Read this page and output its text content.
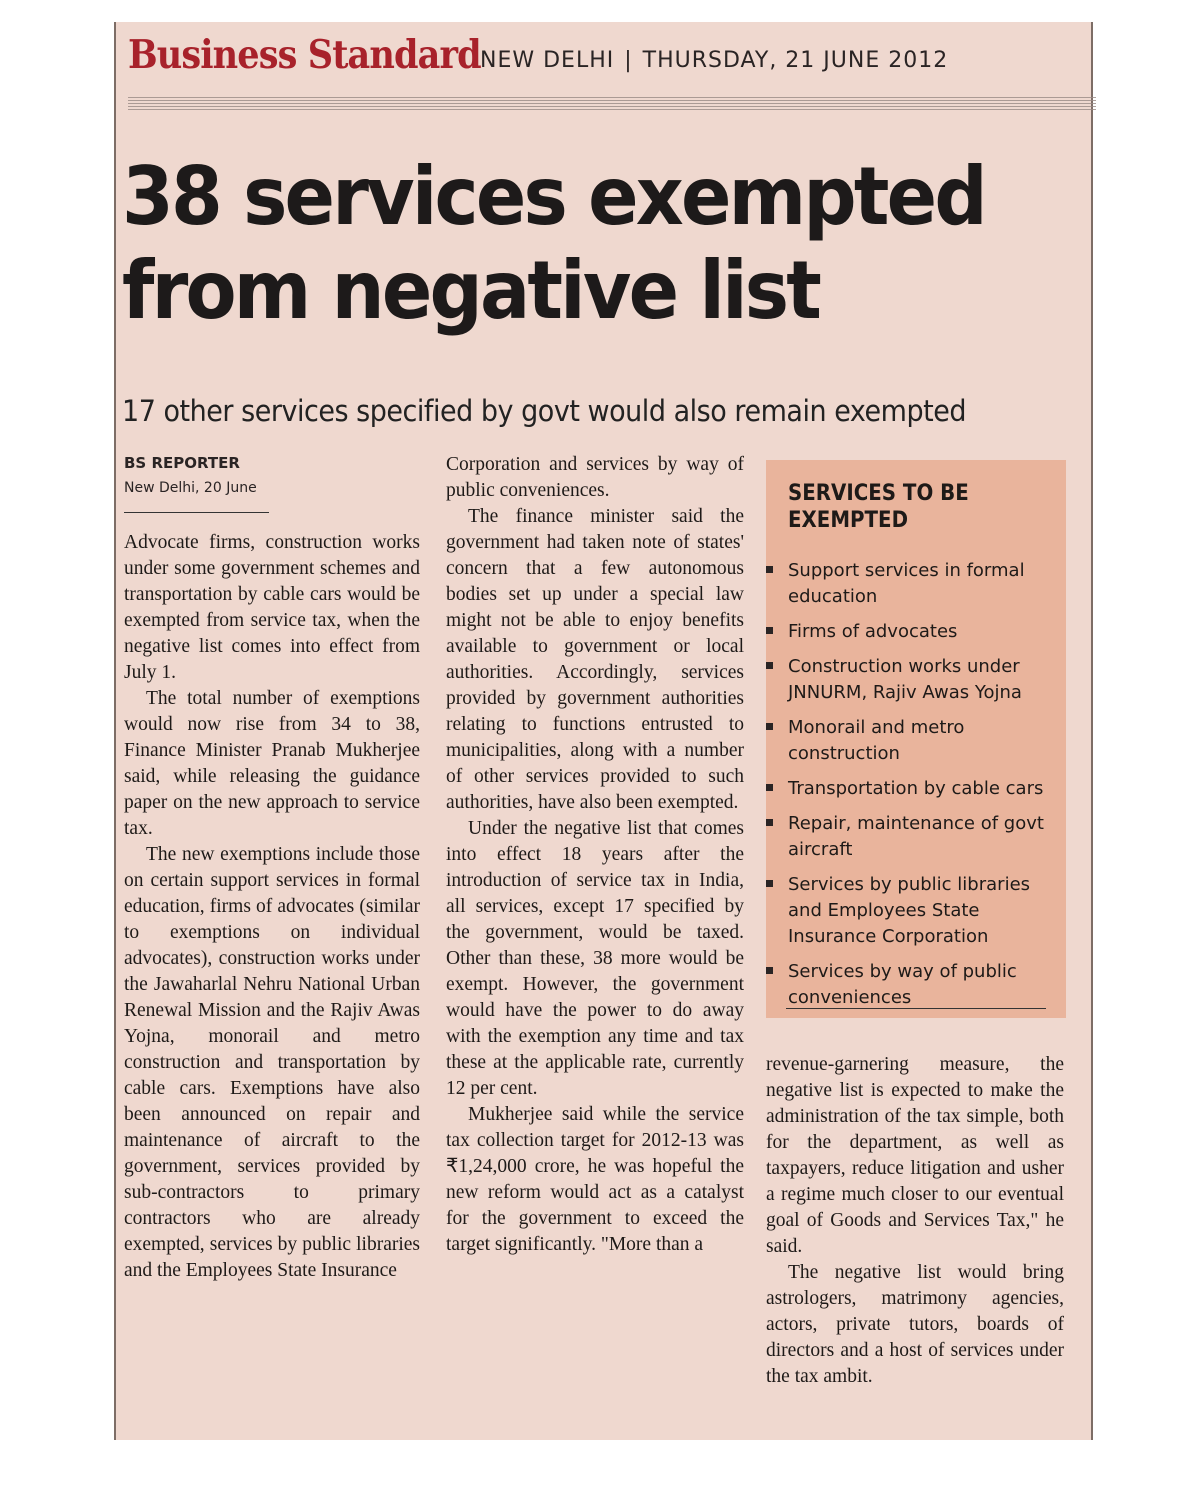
Business Standard NEW DELHI | THURSDAY, 21 JUNE 2012
38 services exempted from negative list
17 other services specified by govt would also remain exempted
BS REPORTER
New Delhi, 20 June

Advocate firms, construction works under some government schemes and transportation by cable cars would be exempted from service tax, when the negative list comes into effect from July 1.

The total number of exemptions would now rise from 34 to 38, Finance Minister Pranab Mukherjee said, while releasing the guidance paper on the new approach to service tax.

The new exemptions include those on certain support services in formal education, firms of advocates (similar to exemptions on individual advocates), construction works under the Jawaharlal Nehru National Urban Renewal Mission and the Rajiv Awas Yojna, monorail and metro construction and transportation by cable cars. Exemptions have also been announced on repair and maintenance of aircraft to the government, services provided by sub-contractors to primary contractors who are already exempted, services by public libraries and the Employees State Insurance

Corporation and services by way of public conveniences.

The finance minister said the government had taken note of states' concern that a few autonomous bodies set up under a special law might not be able to enjoy benefits available to government or local authorities. Accordingly, services provided by government authorities relating to functions entrusted to municipalities, along with a number of other services provided to such authorities, have also been exempted.

Under the negative list that comes into effect 18 years after the introduction of service tax in India, all services, except 17 specified by the government, would be taxed. Other than these, 38 more would be exempt. However, the government would have the power to do away with the exemption any time and tax these at the applicable rate, currently 12 per cent.

Mukherjee said while the service tax collection target for 2012-13 was ₹1,24,000 crore, he was hopeful the new reform would act as a catalyst for the government to exceed the target significantly. "More than a

SERVICES TO BE EXEMPTED
Support services in formal education
Firms of advocates
Construction works under JNNURM, Rajiv Awas Yojna
Monorail and metro construction
Transportation by cable cars
Repair, maintenance of govt aircraft
Services by public libraries and Employees State Insurance Corporation
Services by way of public conveniences

revenue-garnering measure, the negative list is expected to make the administration of the tax simple, both for the department, as well as taxpayers, reduce litigation and usher a regime much closer to our eventual goal of Goods and Services Tax," he said.

The negative list would bring astrologers, matrimony agencies, actors, private tutors, boards of directors and a host of services under the tax ambit.
